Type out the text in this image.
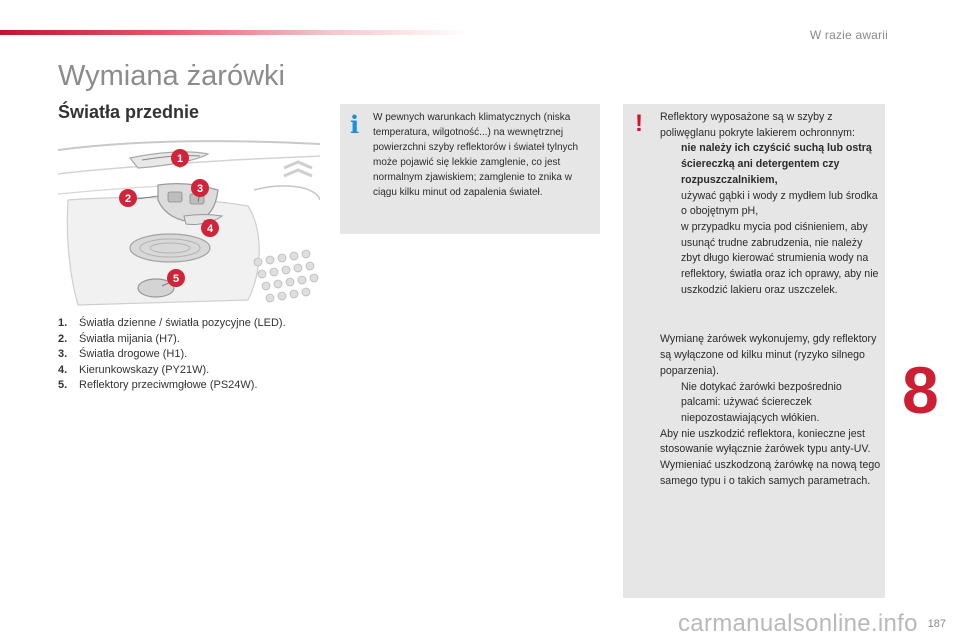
W razie awarii
Wymiana żarówki
Światła przednie
1
2
3
4
5
1.	Światła dzienne / światła pozycyjne (LED).
2.	Światła mijania (H7).
3.	Światła drogowe (H1).
4.	Kierunkowskazy (PY21W).
5.	Reflektory przeciwmgłowe (PS24W).
i W pewnych warunkach klimatycznych (niska temperatura, wilgotność...) na wewnętrznej powierzchni szyby reflektorów i świateł tylnych może pojawić się lekkie zamglenie, co jest normalnym zjawiskiem; zamglenie to znika w ciągu kilku minut od zapalenia świateł.

! Reflektory wyposażone są w szyby z poliwęglanu pokryte lakierem ochronnym:

nie należy ich czyścić suchą lub ostrą ściereczką ani detergentem czy rozpuszczalnikiem,
używać gąbki i wody z mydłem lub środka o obojętnym pH,
w przypadku mycia pod ciśnieniem, aby usunąć trudne zabrudzenia, nie należy zbyt długo kierować strumienia wody na reflektory, światła oraz ich oprawy, aby nie uszkodzić lakieru oraz uszczelek.

Wymianę żarówek wykonujemy, gdy reflektory są wyłączone od kilku minut (ryzyko silnego poparzenia).

Nie dotykać żarówki bezpośrednio palcami: używać ściereczek niepozostawiających włókien.

Aby nie uszkodzić reflektora, konieczne jest stosowanie wyłącznie żarówek typu anty-UV.

Wymieniać uszkodzoną żarówkę na nową tego samego typu i o takich samych parametrach.

8
carmanualsonline.info 187
